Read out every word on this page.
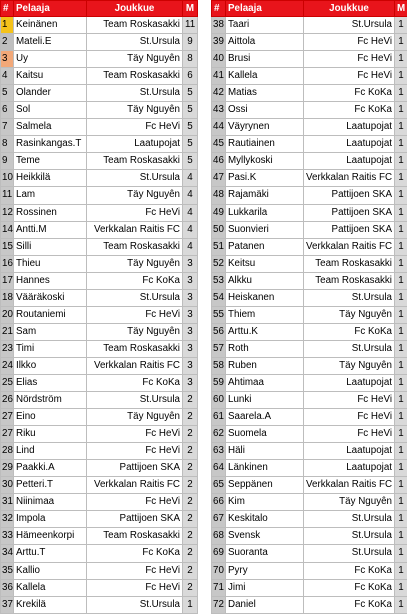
#	Pelaaja	Joukkue	M
1	Keinänen	Team Roskasakki	11
2	Mateli.E	St.Ursula	9
3	Uy	Täy Nguyên	8
4	Kaitsu	Team Roskasakki	6
5	Olander	St.Ursula	5
6	Sol	Täy Nguyên	5
7	Salmela	Fc HeVi	5
8	Rasinkangas.T	Laatupojat	5
9	Teme	Team Roskasakki	5
10	Heikkilä	St.Ursula	4
11	Lam	Täy Nguyên	4
12	Rossinen	Fc HeVi	4
14	Antti.M	Verkkalan Raitis FC	4
15	Silli	Team Roskasakki	4
16	Thieu	Täy Nguyên	3
17	Hannes	Fc KoKa	3
18	Vääräkoski	St.Ursula	3
20	Routaniemi	Fc HeVi	3
21	Sam	Täy Nguyên	3
23	Timi	Team Roskasakki	3
24	Ilkko	Verkkalan Raitis FC	3
25	Elias	Fc KoKa	3
26	Nördström	St.Ursula	2
27	Eino	Täy Nguyên	2
27	Riku	Fc HeVi	2
28	Lind	Fc HeVi	2
29	Paakki.A	Pattijoen SKA	2
30	Petteri.T	Verkkalan Raitis FC	2
31	Niinimaa	Fc HeVi	2
32	Impola	Pattijoen SKA	2
33	Hämeenkorpi	Team Roskasakki	2
34	Arttu.T	Fc KoKa	2
35	Kallio	Fc HeVi	2
36	Kallela	Fc HeVi	2
37	Krekilä	St.Ursula	1
#	Pelaaja	Joukkue	M
38	Taari	St.Ursula	1
39	Aittola	Fc HeVi	1
40	Brusi	Fc HeVi	1
41	Kallela	Fc HeVi	1
42	Matias	Fc KoKa	1
43	Ossi	Fc KoKa	1
44	Väyrynen	Laatupojat	1
45	Rautiainen	Laatupojat	1
46	Myllykoski	Laatupojat	1
47	Pasi.K	Verkkalan Raitis FC	1
48	Rajamäki	Pattijoen SKA	1
49	Lukkarila	Pattijoen SKA	1
50	Suonvieri	Pattijoen SKA	1
51	Patanen	Verkkalan Raitis FC	1
52	Keitsu	Team Roskasakki	1
53	Alkku	Team Roskasakki	1
54	Heiskanen	St.Ursula	1
55	Thiem	Täy Nguyên	1
56	Arttu.K	Fc KoKa	1
57	Roth	St.Ursula	1
58	Ruben	Täy Nguyên	1
59	Ahtimaa	Laatupojat	1
60	Lunki	Fc HeVi	1
61	Saarela.A	Fc HeVi	1
62	Suomela	Fc HeVi	1
63	Häli	Laatupojat	1
64	Länkinen	Laatupojat	1
65	Seppänen	Verkkalan Raitis FC	1
66	Kim	Täy Nguyên	1
67	Keskitalo	St.Ursula	1
68	Svensk	St.Ursula	1
69	Suoranta	St.Ursula	1
70	Pyry	Fc KoKa	1
71	Jimi	Fc KoKa	1
72	Daniel	Fc KoKa	1
